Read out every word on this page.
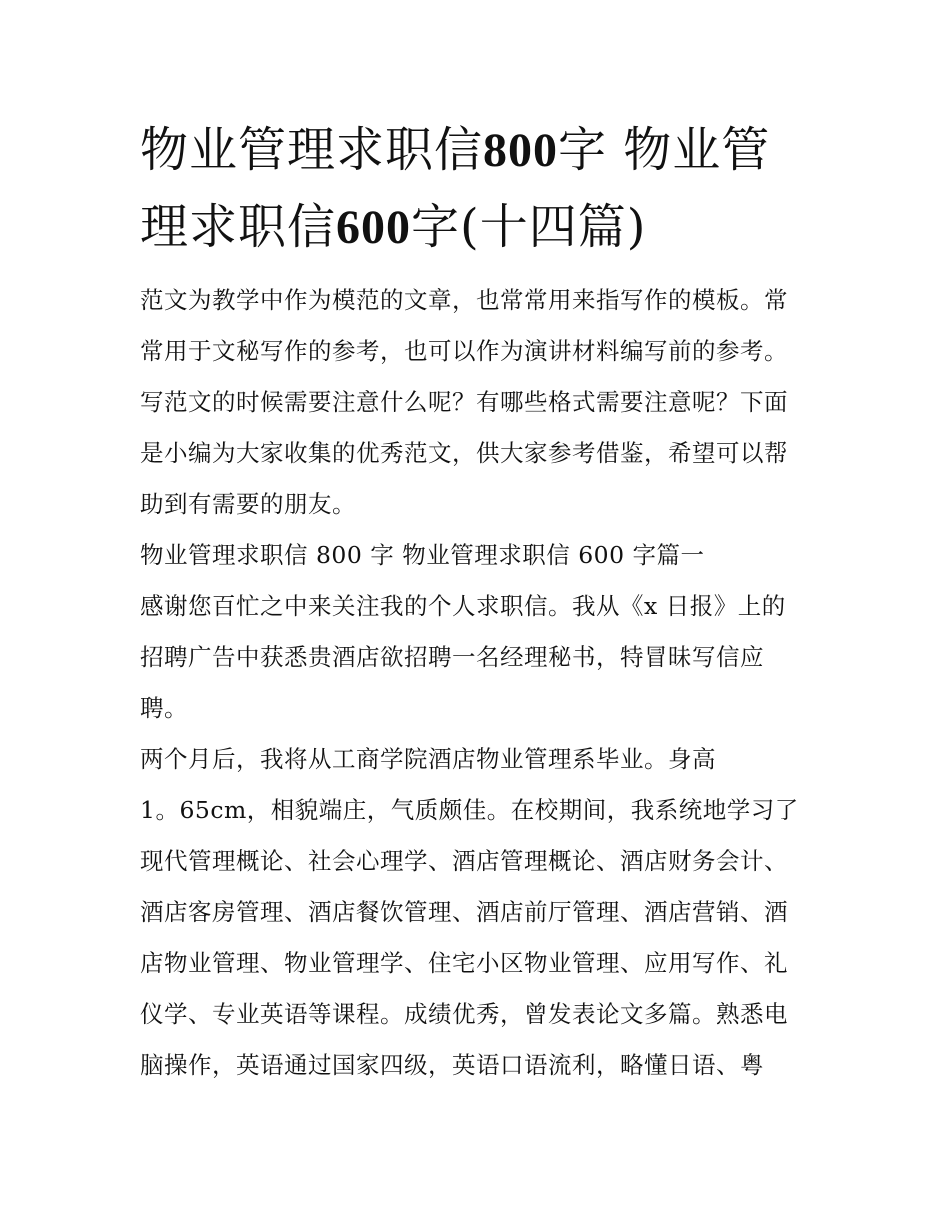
物业管理求职信800字 物业管
理求职信600字(十四篇)

范文为教学中作为模范的文章，也常常用来指写作的模板。常

常用于文秘写作的参考，也可以作为演讲材料编写前的参考。

写范文的时候需要注意什么呢？有哪些格式需要注意呢？下面

是小编为大家收集的优秀范文，供大家参考借鉴，希望可以帮

助到有需要的朋友。

物业管理求职信 800 字 物业管理求职信 600 字篇一

感谢您百忙之中来关注我的个人求职信。我从《x 日报》上的

招聘广告中获悉贵酒店欲招聘一名经理秘书，特冒昧写信应

聘。

两个月后，我将从工商学院酒店物业管理系毕业。身高

1。65cm，相貌端庄，气质颇佳。在校期间，我系统地学习了

现代管理概论、社会心理学、酒店管理概论、酒店财务会计、

酒店客房管理、酒店餐饮管理、酒店前厅管理、酒店营销、酒

店物业管理、物业管理学、住宅小区物业管理、应用写作、礼

仪学、专业英语等课程。成绩优秀，曾发表论文多篇。熟悉电

脑操作，英语通过国家四级，英语口语流利，略懂日语、粤
